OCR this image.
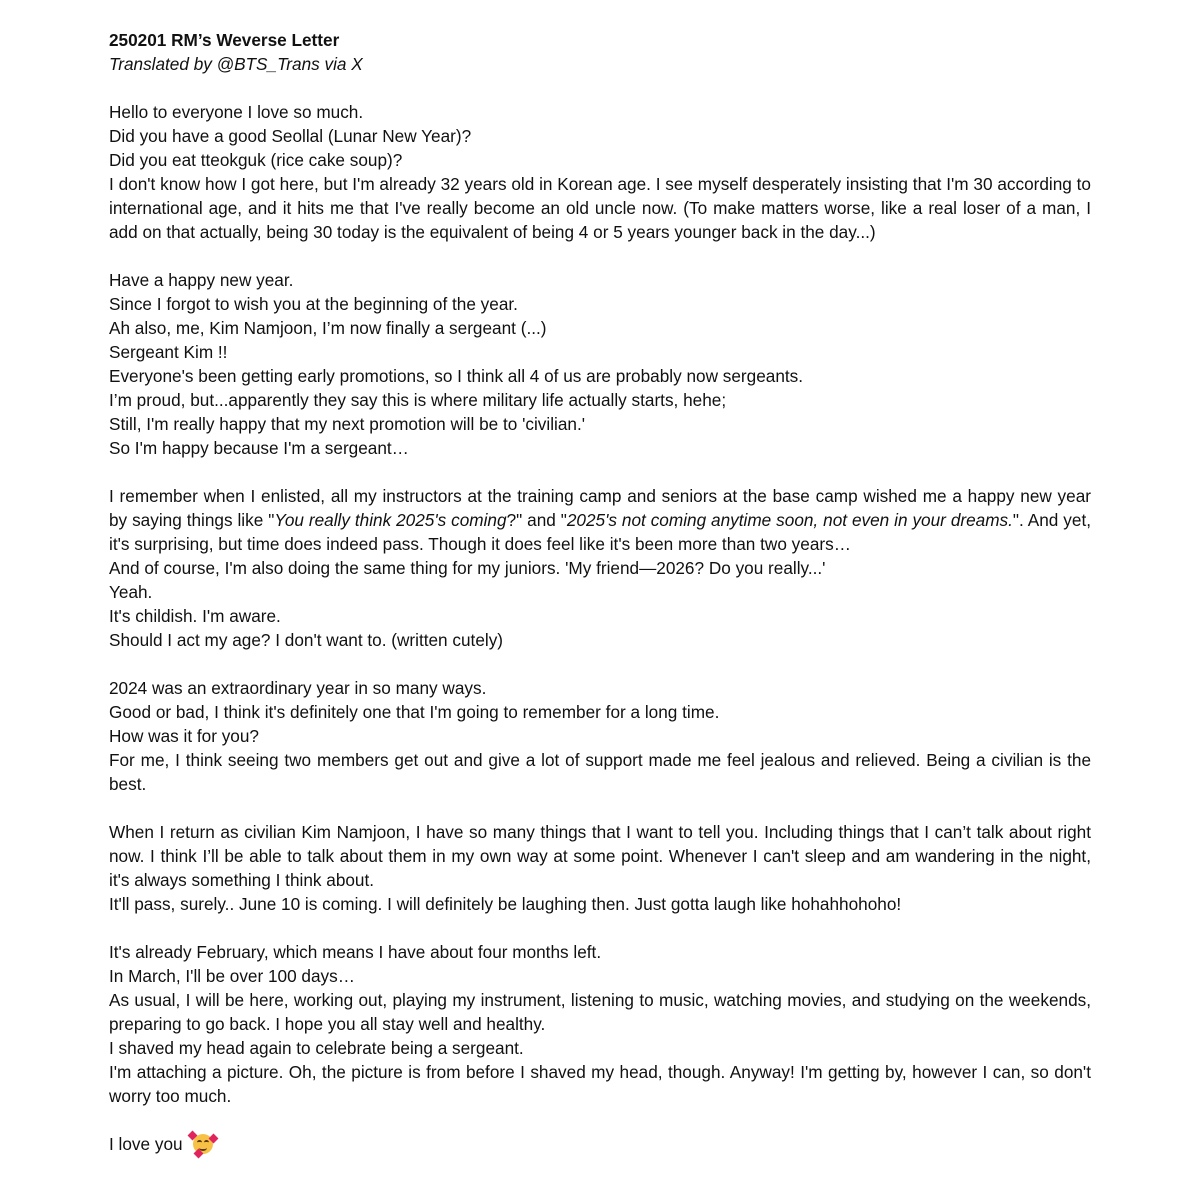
250201 RM’s Weverse Letter

Translated by @BTS_Trans via X

Hello to everyone I love so much.

Did you have a good Seollal (Lunar New Year)?

Did you eat tteokguk (rice cake soup)?

I don't know how I got here, but I'm already 32 years old in Korean age. I see myself desperately insisting that I'm 30 according to international age, and it hits me that I've really become an old uncle now. (To make matters worse, like a real loser of a man, I add on that actually, being 30 today is the equivalent of being 4 or 5 years younger back in the day...)

Have a happy new year.

Since I forgot to wish you at the beginning of the year.

Ah also, me, Kim Namjoon, I’m now finally a sergeant (...)

Sergeant Kim !!

Everyone's been getting early promotions, so I think all 4 of us are probably now sergeants.

I’m proud, but...apparently they say this is where military life actually starts, hehe;

Still, I'm really happy that my next promotion will be to 'civilian.'

So I'm happy because I'm a sergeant…

I remember when I enlisted, all my instructors at the training camp and seniors at the base camp wished me a happy new year by saying things like "You really think 2025's coming?" and "2025's not coming anytime soon, not even in your dreams.". And yet, it's surprising, but time does indeed pass. Though it does feel like it's been more than two years…

And of course, I'm also doing the same thing for my juniors. 'My friend—2026? Do you really...'

Yeah.

It's childish. I'm aware.

Should I act my age? I don't want to. (written cutely)

2024 was an extraordinary year in so many ways.

Good or bad, I think it's definitely one that I'm going to remember for a long time.

How was it for you?

For me, I think seeing two members get out and give a lot of support made me feel jealous and relieved. Being a civilian is the best.

When I return as civilian Kim Namjoon, I have so many things that I want to tell you. Including things that I can’t talk about right now. I think I’ll be able to talk about them in my own way at some point. Whenever I can't sleep and am wandering in the night, it's always something I think about.

It'll pass, surely.. June 10 is coming. I will definitely be laughing then. Just gotta laugh like hohahhohoho!

It's already February, which means I have about four months left.

In March, I'll be over 100 days…

As usual, I will be here, working out, playing my instrument, listening to music, watching movies, and studying on the weekends, preparing to go back. I hope you all stay well and healthy.

I shaved my head again to celebrate being a sergeant.

I'm attaching a picture. Oh, the picture is from before I shaved my head, though. Anyway! I'm getting by, however I can, so don't worry too much.

I love you
